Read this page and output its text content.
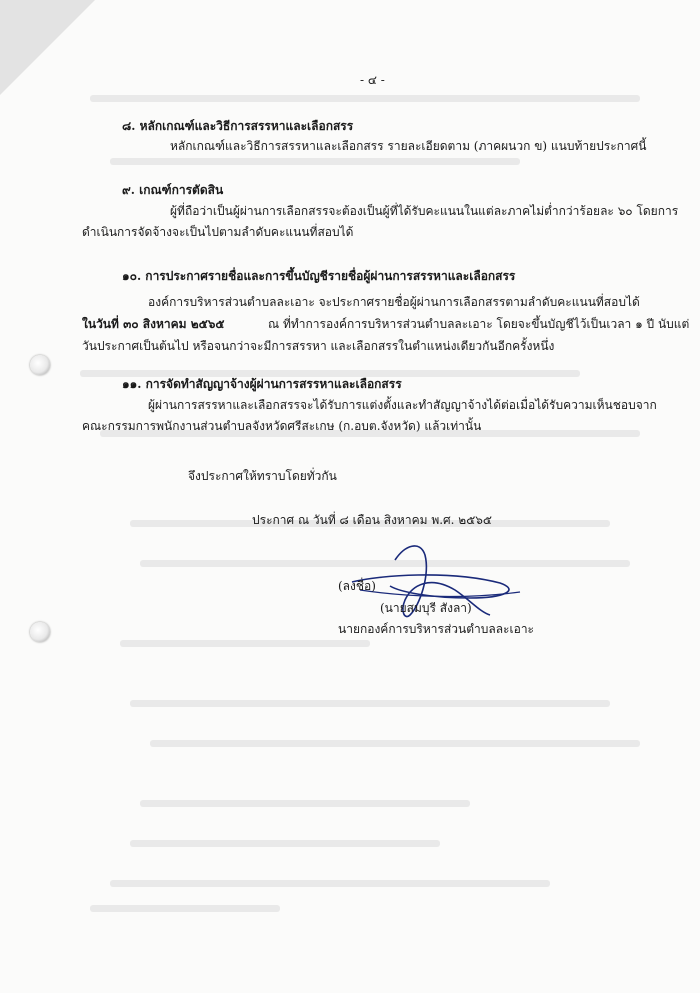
- ๔ -
๘. หลักเกณฑ์และวิธีการสรรหาและเลือกสรร
หลักเกณฑ์และวิธีการสรรหาและเลือกสรร รายละเอียดตาม (ภาคผนวก ข) แนบท้ายประกาศนี้
๙. เกณฑ์การตัดสิน
ผู้ที่ถือว่าเป็นผู้ผ่านการเลือกสรรจะต้องเป็นผู้ที่ได้รับคะแนนในแต่ละภาคไม่ต่ำกว่าร้อยละ ๖๐ โดยการ
ดำเนินการจัดจ้างจะเป็นไปตามลำดับคะแนนที่สอบได้
๑๐. การประกาศรายชื่อและการขึ้นบัญชีรายชื่อผู้ผ่านการสรรหาและเลือกสรร
องค์การบริหารส่วนตำบลละเอาะ จะประกาศรายชื่อผู้ผ่านการเลือกสรรตามลำดับคะแนนที่สอบได้
ในวันที่ ๓๐ สิงหาคม ๒๕๖๕	ณ ที่ทำการองค์การบริหารส่วนตำบลละเอาะ โดยจะขึ้นบัญชีไว้เป็นเวลา ๑ ปี นับแต่
วันประกาศเป็นต้นไป หรือจนกว่าจะมีการสรรหา และเลือกสรรในตำแหน่งเดียวกันอีกครั้งหนึ่ง
๑๑. การจัดทำสัญญาจ้างผู้ผ่านการสรรหาและเลือกสรร
ผู้ผ่านการสรรหาและเลือกสรรจะได้รับการแต่งตั้งและทำสัญญาจ้างได้ต่อเมื่อได้รับความเห็นชอบจาก
คณะกรรมการพนักงานส่วนตำบลจังหวัดศรีสะเกษ (ก.อบต.จังหวัด) แล้วเท่านั้น
จึงประกาศให้ทราบโดยทั่วกัน
ประกาศ ณ วันที่ ๘ เดือน สิงหาคม พ.ศ. ๒๕๖๕
(ลงชื่อ)
(นายสมบุรี สังลา)
นายกองค์การบริหารส่วนตำบลละเอาะ
